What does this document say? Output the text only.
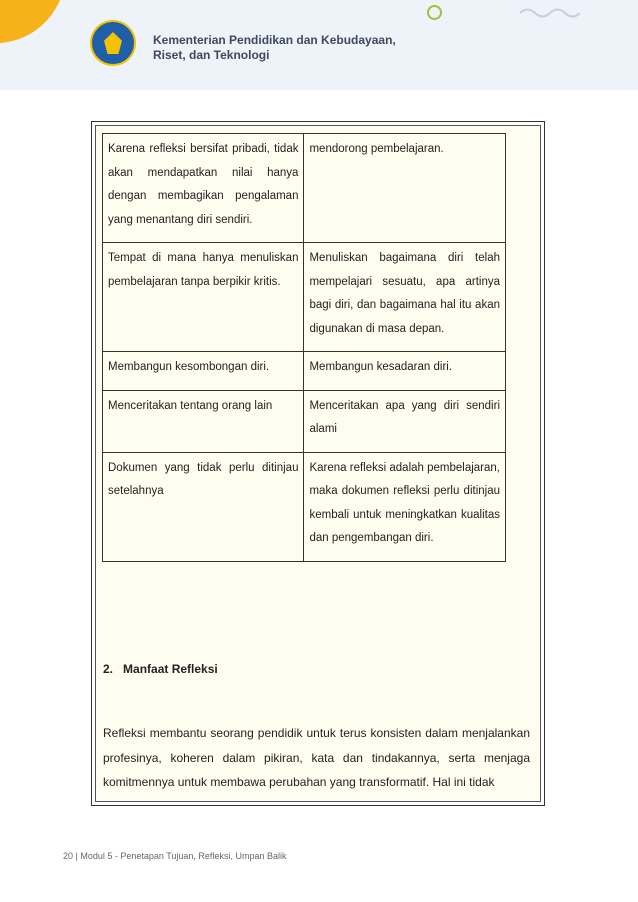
Kementerian Pendidikan dan Kebudayaan,
Riset, dan Teknologi
Karena refleksi bersifat pribadi, tidak akan mendapatkan nilai hanya dengan membagikan pengalaman yang menantang diri sendiri.	mendorong pembelajaran.
Tempat di mana hanya menuliskan pembelajaran tanpa berpikir kritis.	Menuliskan bagaimana diri telah mempelajari sesuatu, apa artinya bagi diri, dan bagaimana hal itu akan digunakan di masa depan.
Membangun kesombongan diri.	Membangun kesadaran diri.
Menceritakan tentang orang lain	Menceritakan apa yang diri sendiri alami
Dokumen yang tidak perlu ditinjau setelahnya	Karena refleksi adalah pembelajaran, maka dokumen refleksi perlu ditinjau kembali untuk meningkatkan kualitas dan pengembangan diri.
2. Manfaat Refleksi
Refleksi membantu seorang pendidik untuk terus konsisten dalam menjalankan profesinya, koheren dalam pikiran, kata dan tindakannya, serta menjaga komitmennya untuk membawa perubahan yang transformatif. Hal ini tidak
20 | Modul 5 - Penetapan Tujuan, Refleksi, Umpan Balik
